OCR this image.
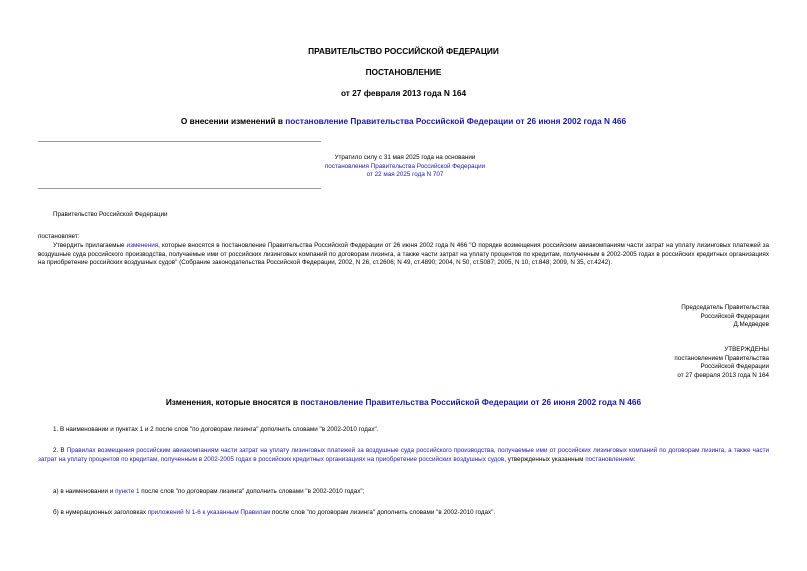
ПРАВИТЕЛЬСТВО РОССИЙСКОЙ ФЕДЕРАЦИИ
ПОСТАНОВЛЕНИЕ
от 27 февраля 2013 года N 164
О внесении изменений в постановление Правительства Российской Федерации от 26 июня 2002 года N 466
Утратило силу с 31 мая 2025 года на основании
постановления Правительства Российской Федерации
от 22 мая 2025 года N 707
Правительство Российской Федерации
постановляет:
Утвердить прилагаемые изменения, которые вносятся в постановление Правительства Российской Федерации от 26 июня 2002 года N 466 "О порядке возмещения российским авиакомпаниям части затрат на уплату лизинговых платежей за воздушные суда российского производства, получаемые ими от российских лизинговых компаний по договорам лизинга, а также части затрат на уплату процентов по кредитам, полученным в 2002-2005 годах в российских кредитных организациях на приобретение российских воздушных судов" (Собрание законодательства Российской Федерации, 2002, N 26, ст.2606; N 49, ст.4890; 2004, N 50, ст.5087; 2005, N 10, ст.848; 2009, N 35, ст.4242).
Председатель Правительства
Российской Федерации
Д.Медведев
УТВЕРЖДЕНЫ
постановлением Правительства
Российской Федерации
от 27 февраля 2013 года N 164
Изменения, которые вносятся в постановление Правительства Российской Федерации от 26 июня 2002 года N 466
1. В наименовании и пунктах 1 и 2 после слов "по договорам лизинга" дополнить словами "в 2002-2010 годах".
2. В Правилах возмещения российским авиакомпаниям части затрат на уплату лизинговых платежей за воздушные суда российского производства, получаемые ими от российских лизинговых компаний по договорам лизинга, а также части затрат на уплату процентов по кредитам, полученным в 2002-2005 годах в российских кредитных организациях на приобретение российских воздушных судов, утвержденных указанным постановлением:
а) в наименовании и пункте 1 после слов "по договорам лизинга" дополнить словами "в 2002-2010 годах";
б) в нумерационных заголовках приложений N 1-6 к указанным Правилам после слов "по договорам лизинга" дополнить словами "в 2002-2010 годах".
